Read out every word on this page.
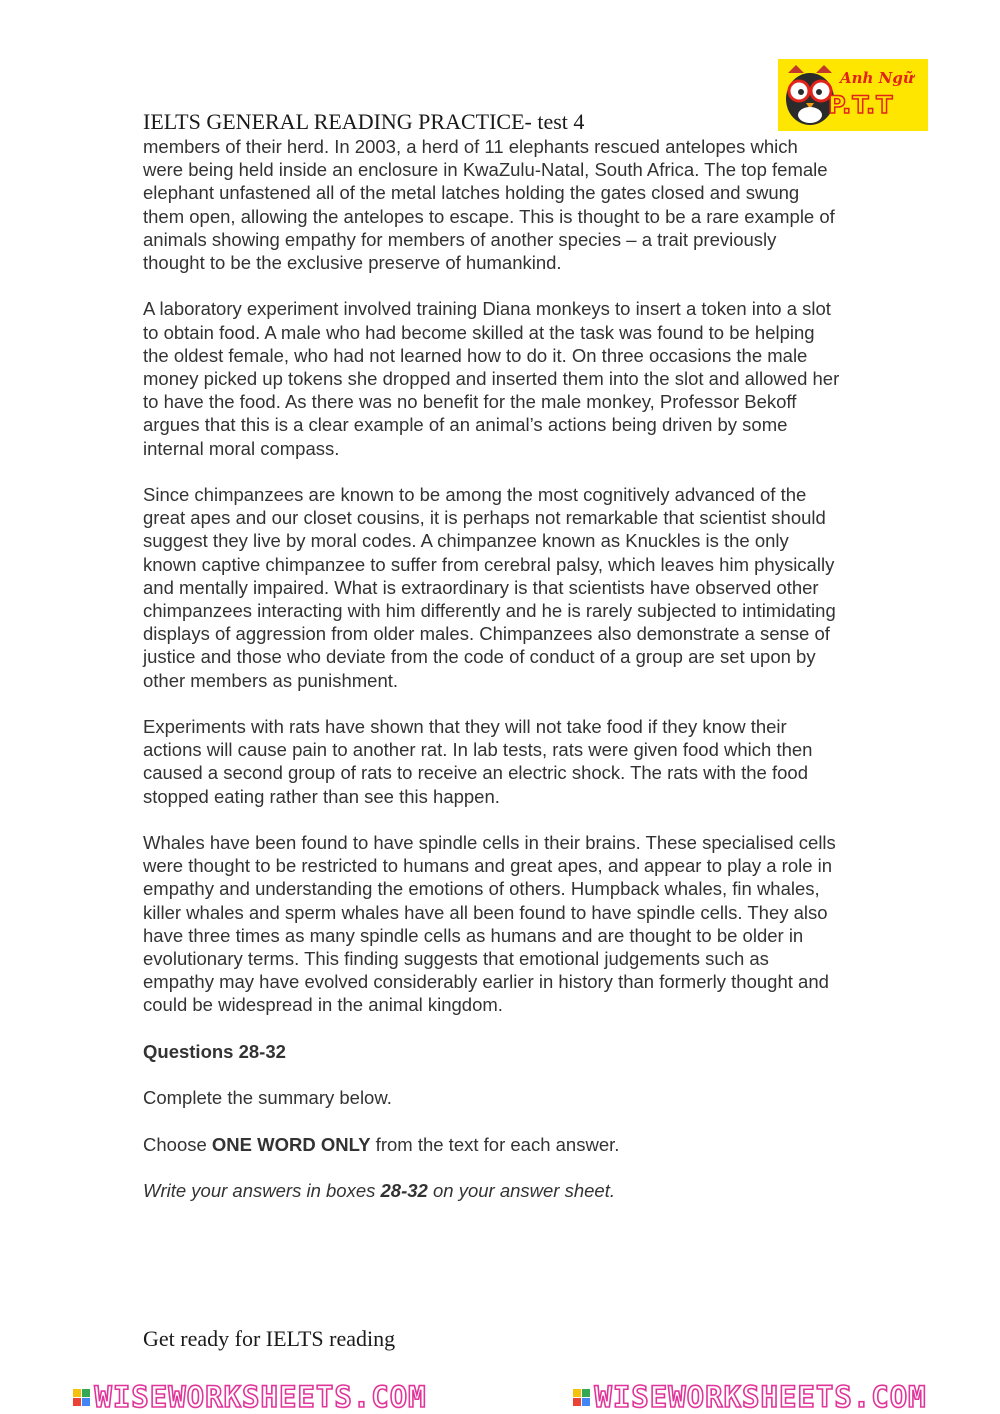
IELTS GENERAL READING PRACTICE- test 4
Anh Ngữ
P.T.T

members of their herd. In 2003, a herd of 11 elephants rescued antelopes which
were being held inside an enclosure in KwaZulu-Natal, South Africa. The top female
elephant unfastened all of the metal latches holding the gates closed and swung
them open, allowing the antelopes to escape. This is thought to be a rare example of
animals showing empathy for members of another species – a trait previously
thought to be the exclusive preserve of humankind.

A laboratory experiment involved training Diana monkeys to insert a token into a slot
to obtain food. A male who had become skilled at the task was found to be helping
the oldest female, who had not learned how to do it. On three occasions the male
money picked up tokens she dropped and inserted them into the slot and allowed her
to have the food. As there was no benefit for the male monkey, Professor Bekoff
argues that this is a clear example of an animal’s actions being driven by some
internal moral compass.

Since chimpanzees are known to be among the most cognitively advanced of the
great apes and our closet cousins, it is perhaps not remarkable that scientist should
suggest they live by moral codes. A chimpanzee known as Knuckles is the only
known captive chimpanzee to suffer from cerebral palsy, which leaves him physically
and mentally impaired. What is extraordinary is that scientists have observed other
chimpanzees interacting with him differently and he is rarely subjected to intimidating
displays of aggression from older males. Chimpanzees also demonstrate a sense of
justice and those who deviate from the code of conduct of a group are set upon by
other members as punishment.

Experiments with rats have shown that they will not take food if they know their
actions will cause pain to another rat. In lab tests, rats were given food which then
caused a second group of rats to receive an electric shock. The rats with the food
stopped eating rather than see this happen.

Whales have been found to have spindle cells in their brains. These specialised cells
were thought to be restricted to humans and great apes, and appear to play a role in
empathy and understanding the emotions of others. Humpback whales, fin whales,
killer whales and sperm whales have all been found to have spindle cells. They also
have three times as many spindle cells as humans and are thought to be older in
evolutionary terms. This finding suggests that emotional judgements such as
empathy may have evolved considerably earlier in history than formerly thought and
could be widespread in the animal kingdom.

Questions 28-32

Complete the summary below.

Choose ONE WORD ONLY from the text for each answer.

Write your answers in boxes 28-32 on your answer sheet.

Get ready for IELTS reading
WISEWORKSHEETS.COM	WISEWORKSHEETS.COM
